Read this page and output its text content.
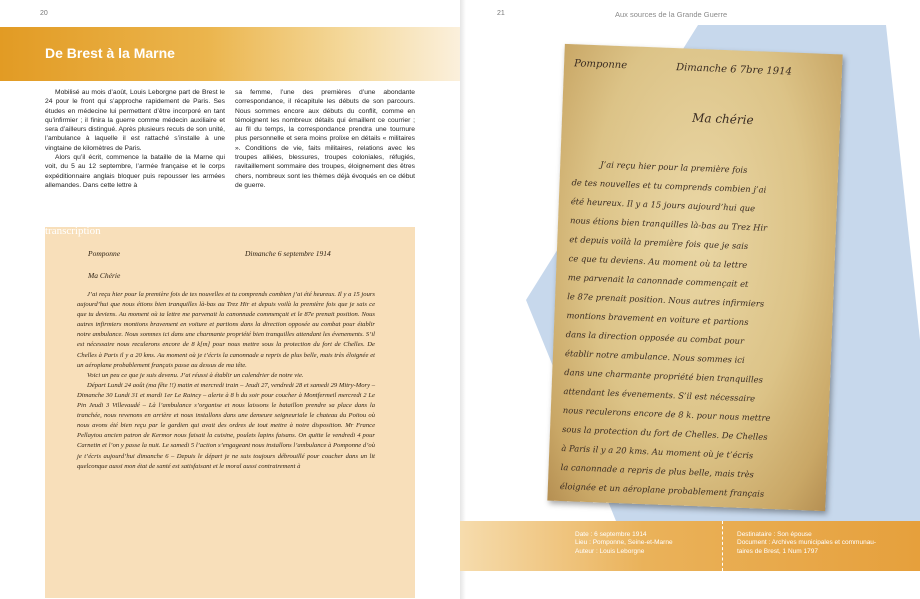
20
De Brest à la Marne

Mobilisé au mois d’août, Louis Leborgne part de Brest le 24 pour le front qui s’approche rapidement de Paris. Ses études en médecine lui permettent d’être incorporé en tant qu’infirmier ; il finira la guerre comme médecin auxiliaire et sera d’ailleurs distingué. Après plusieurs reculs de son unité, l’ambulance à laquelle il est rattaché s’installe à une vingtaine de kilomètres de Paris.

Alors qu’il écrit, commence la bataille de la Marne qui voit, du 5 au 12 septembre, l’armée française et le corps expéditionnaire anglais bloquer puis repousser les armées allemandes. Dans cette lettre à

sa femme, l’une des premières d’une abondante correspondance, il récapitule les débuts de son parcours. Nous sommes encore aux débuts du conflit, comme en témoignent les nombreux détails qui émaillent ce courrier ; au fil du temps, la correspondance prendra une tournure plus personnelle et sera moins prolixe en détails « militaires ». Conditions de vie, faits militaires, relations avec les troupes alliées, blessures, troupes coloniales, réfugiés, ravitaillement sommaire des troupes, éloignement des êtres chers, nombreux sont les thèmes déjà évoqués en ce début de guerre.

transcription
Pomponne	Dimanche 6 septembre 1914
Ma Chérie

J’ai reçu hier pour la première fois de tes nouvelles et tu comprends combien j’ai été heureux. Il y a 15 jours aujourd’hui que nous étions bien tranquilles là-bas au Trez Hir et depuis voilà la première fois que je sais ce que tu deviens. Au moment où ta lettre me parvenait la canonnade commençait et le 87e prenait position. Nous autres infirmiers montions bravement en voiture et partions dans la direction opposée au combat pour établir notre ambulance. Nous sommes ici dans une charmante propriété bien tranquilles attendant les évenements. S’il est nécessaire nous reculerons encore de 8 k[m] pour nous mettre sous la protection du fort de Chelles. De Chelles à Paris il y a 20 kms. Au moment où je t’écris la canonnade a repris de plus belle, mais très éloignée et un aéroplane probablement français passe au dessus de ma tête.

Voici un peu ce que je suis devenu. J’ai réussi à établir un calendrier de notre vie.

Départ Lundi 24 août (ma fête !!) matin et mercredi train – Jeudi 27, vendredi 28 et samedi 29 Mitry-Mory – Dimanche 30 Lundi 31 et mardi 1er Le Raincy – alerte à 8 h du soir pour coucher à Montfermeil mercredi 2 Le Pin Jeudi 3 Villevaudé – Là l’ambulance s’organise et nous laissons le bataillon prendre sa place dans la tranchée, nous revenons en arrière et nous installons dans une demeure seigneuriale le chateau du Poitou où nous avons été bien reçu par le gardien qui avait des ordres de tout mettre à notre disposition. Mr France Pellaytou ancien patron de Kermor nous faisait la cuisine, poulets lapins faisans. On quitte le vendredi 4 pour Carnetin et l’on y passe la nuit. Le samedi 5 l’action s’engageant nous installons l’ambulance à Pomponne d’où je t’écris aujourd’hui dimanche 6 – Depuis le départ je ne suis toujours débrouillé pour coucher dans un lit quelconque aussi mon état de santé est satisfaisant et le moral aussi contrairement à

21	Aux sources de la Grande Guerre
Pomponne	Dimanche 6 7bre 1914
Ma chérie
J’ai reçu hier pour la première fois
de tes nouvelles et tu comprends combien j’ai
été heureux. Il y a 15 jours aujourd’hui que
nous étions bien tranquilles là-bas au Trez Hir
et depuis voilà la première fois que je sais
ce que tu deviens. Au moment où ta lettre
me parvenait la canonnade commençait et
le 87e prenait position. Nous autres infirmiers
montions bravement en voiture et partions
dans la direction opposée au combat pour
établir notre ambulance. Nous sommes ici
dans une charmante propriété bien tranquilles
attendant les évenements. S’il est nécessaire
nous reculerons encore de 8 k. pour nous mettre
sous la protection du fort de Chelles. De Chelles
à Paris il y a 20 kms. Au moment où je t’écris
la canonnade a repris de plus belle, mais très
éloignée et un aéroplane probablement français
Date : 6 septembre 1914
Lieu : Pomponne, Seine-et-Marne
Auteur : Louis Leborgne
Destinataire : Son épouse
Document : Archives municipales et communau-
taires de Brest, 1 Num 1797
